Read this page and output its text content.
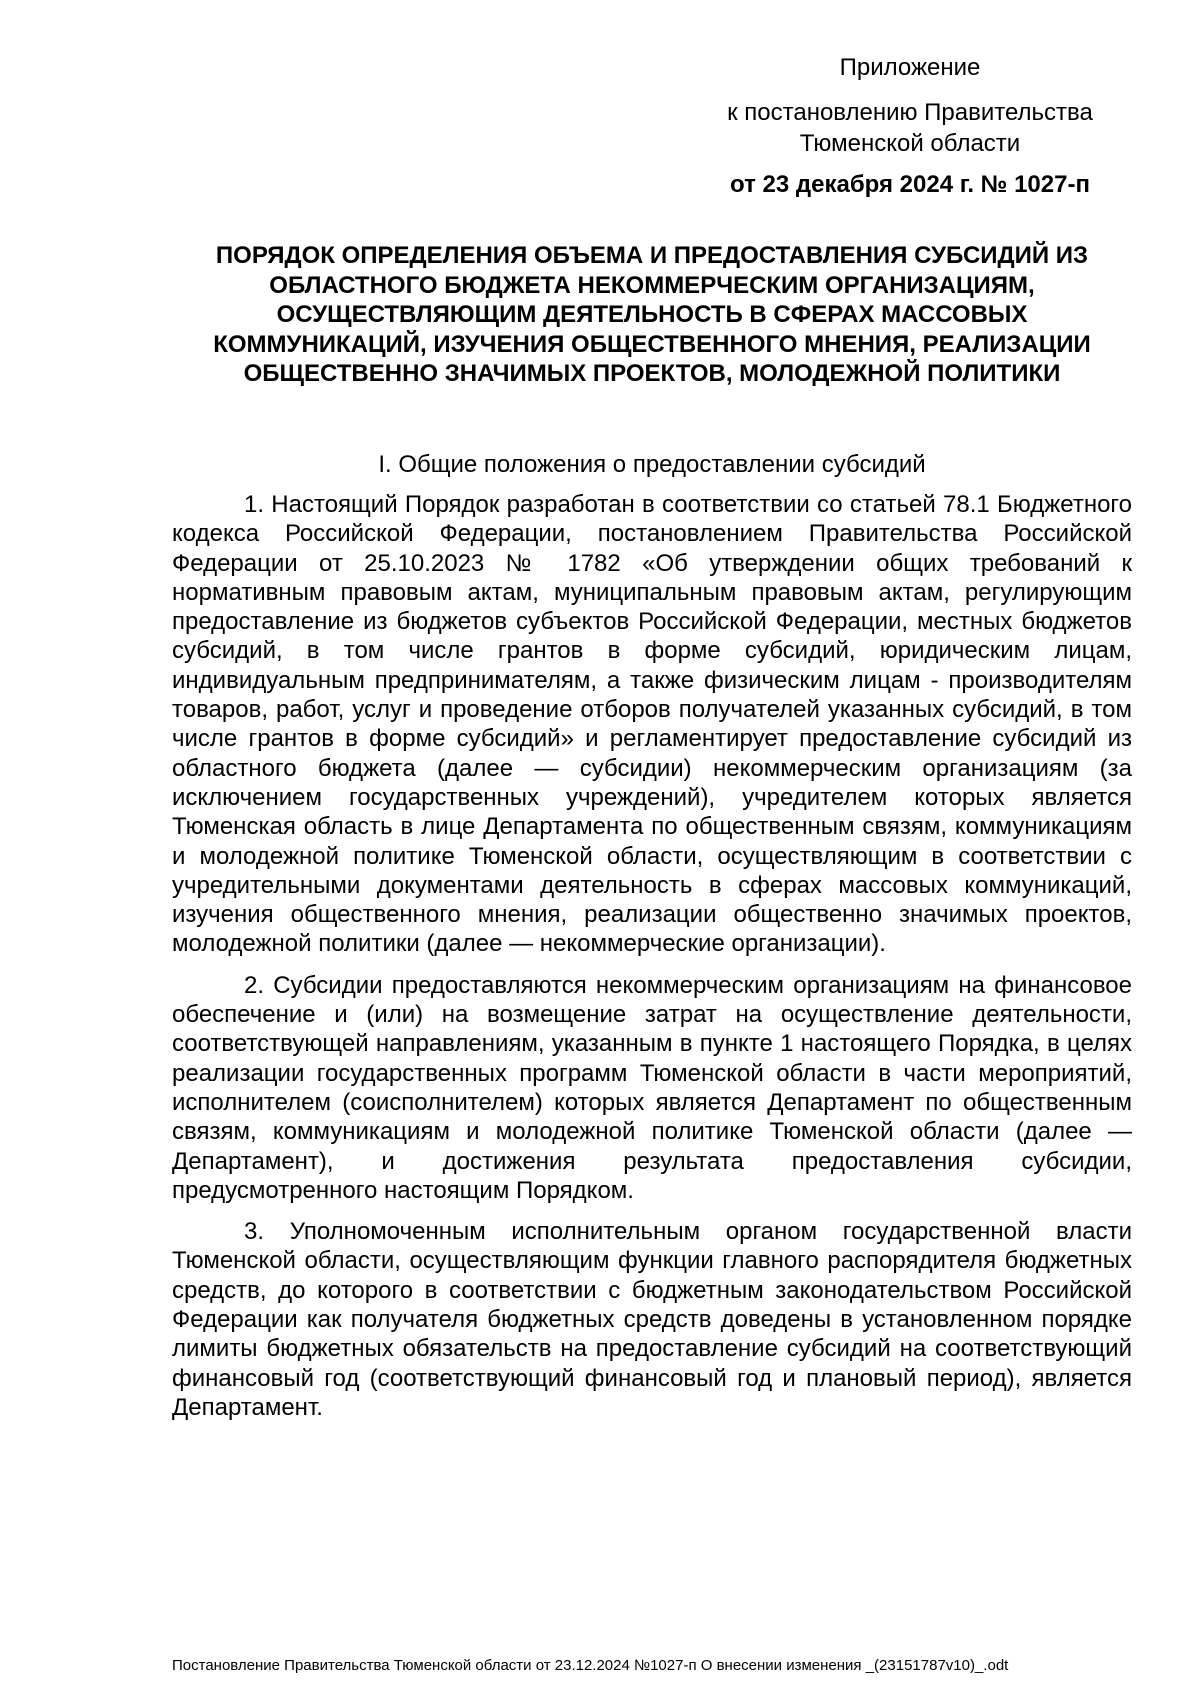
Приложение
к постановлению Правительства Тюменской области
от 23 декабря 2024 г. № 1027-п
ПОРЯДОК ОПРЕДЕЛЕНИЯ ОБЪЕМА И ПРЕДОСТАВЛЕНИЯ СУБСИДИЙ ИЗ ОБЛАСТНОГО БЮДЖЕТА НЕКОММЕРЧЕСКИМ ОРГАНИЗАЦИЯМ, ОСУЩЕСТВЛЯЮЩИМ ДЕЯТЕЛЬНОСТЬ В СФЕРАХ МАССОВЫХ КОММУНИКАЦИЙ, ИЗУЧЕНИЯ ОБЩЕСТВЕННОГО МНЕНИЯ, РЕАЛИЗАЦИИ ОБЩЕСТВЕННО ЗНАЧИМЫХ ПРОЕКТОВ, МОЛОДЕЖНОЙ ПОЛИТИКИ
I. Общие положения о предоставлении субсидий

1. Настоящий Порядок разработан в соответствии со статьей 78.1 Бюджетного кодекса Российской Федерации, постановлением Правительства Российской Федерации от 25.10.2023 № 1782 «Об утверждении общих требований к нормативным правовым актам, муниципальным правовым актам, регулирующим предоставление из бюджетов субъектов Российской Федерации, местных бюджетов субсидий, в том числе грантов в форме субсидий, юридическим лицам, индивидуальным предпринимателям, а также физическим лицам - производителям товаров, работ, услуг и проведение отборов получателей указанных субсидий, в том числе грантов в форме субсидий» и регламентирует предоставление субсидий из областного бюджета (далее — субсидии) некоммерческим организациям (за исключением государственных учреждений), учредителем которых является Тюменская область в лице Департамента по общественным связям, коммуникациям и молодежной политике Тюменской области, осуществляющим в соответствии с учредительными документами деятельность в сферах массовых коммуникаций, изучения общественного мнения, реализации общественно значимых проектов, молодежной политики (далее — некоммерческие организации).

2. Субсидии предоставляются некоммерческим организациям на финансовое обеспечение и (или) на возмещение затрат на осуществление деятельности, соответствующей направлениям, указанным в пункте 1 настоящего Порядка, в целях реализации государственных программ Тюменской области в части мероприятий, исполнителем (соисполнителем) которых является Департамент по общественным связям, коммуникациям и молодежной политике Тюменской области (далее — Департамент), и достижения результата предоставления субсидии, предусмотренного настоящим Порядком.

3. Уполномоченным исполнительным органом государственной власти Тюменской области, осуществляющим функции главного распорядителя бюджетных средств, до которого в соответствии с бюджетным законодательством Российской Федерации как получателя бюджетных средств доведены в установленном порядке лимиты бюджетных обязательств на предоставление субсидий на соответствующий финансовый год (соответствующий финансовый год и плановый период), является Департамент.

Постановление Правительства Тюменской области от 23.12.2024 №1027-п О внесении изменения _(23151787v10)_.odt
